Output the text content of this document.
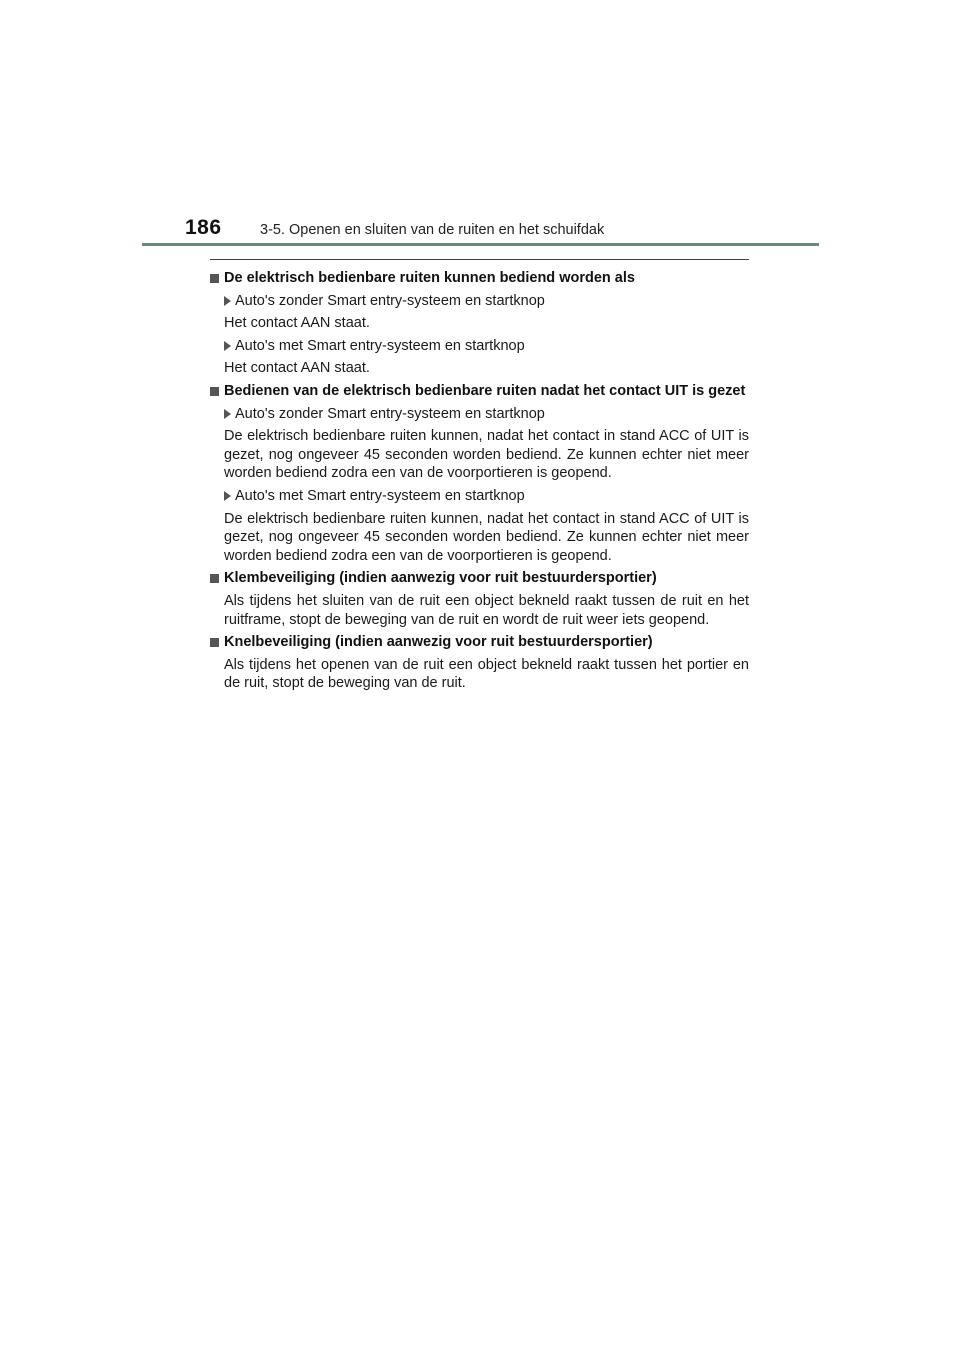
186	3-5. Openen en sluiten van de ruiten en het schuifdak
De elektrisch bedienbare ruiten kunnen bediend worden als
Auto's zonder Smart entry-systeem en startknop
Het contact AAN staat.
Auto's met Smart entry-systeem en startknop
Het contact AAN staat.
Bedienen van de elektrisch bedienbare ruiten nadat het contact UIT is gezet
Auto's zonder Smart entry-systeem en startknop
De elektrisch bedienbare ruiten kunnen, nadat het contact in stand ACC of UIT is gezet, nog ongeveer 45 seconden worden bediend. Ze kunnen echter niet meer worden bediend zodra een van de voorportieren is geopend.
Auto's met Smart entry-systeem en startknop
De elektrisch bedienbare ruiten kunnen, nadat het contact in stand ACC of UIT is gezet, nog ongeveer 45 seconden worden bediend. Ze kunnen echter niet meer worden bediend zodra een van de voorportieren is geopend.
Klembeveiliging (indien aanwezig voor ruit bestuurdersportier)
Als tijdens het sluiten van de ruit een object bekneld raakt tussen de ruit en het ruitframe, stopt de beweging van de ruit en wordt de ruit weer iets geopend.
Knelbeveiliging (indien aanwezig voor ruit bestuurdersportier)
Als tijdens het openen van de ruit een object bekneld raakt tussen het portier en de ruit, stopt de beweging van de ruit.
